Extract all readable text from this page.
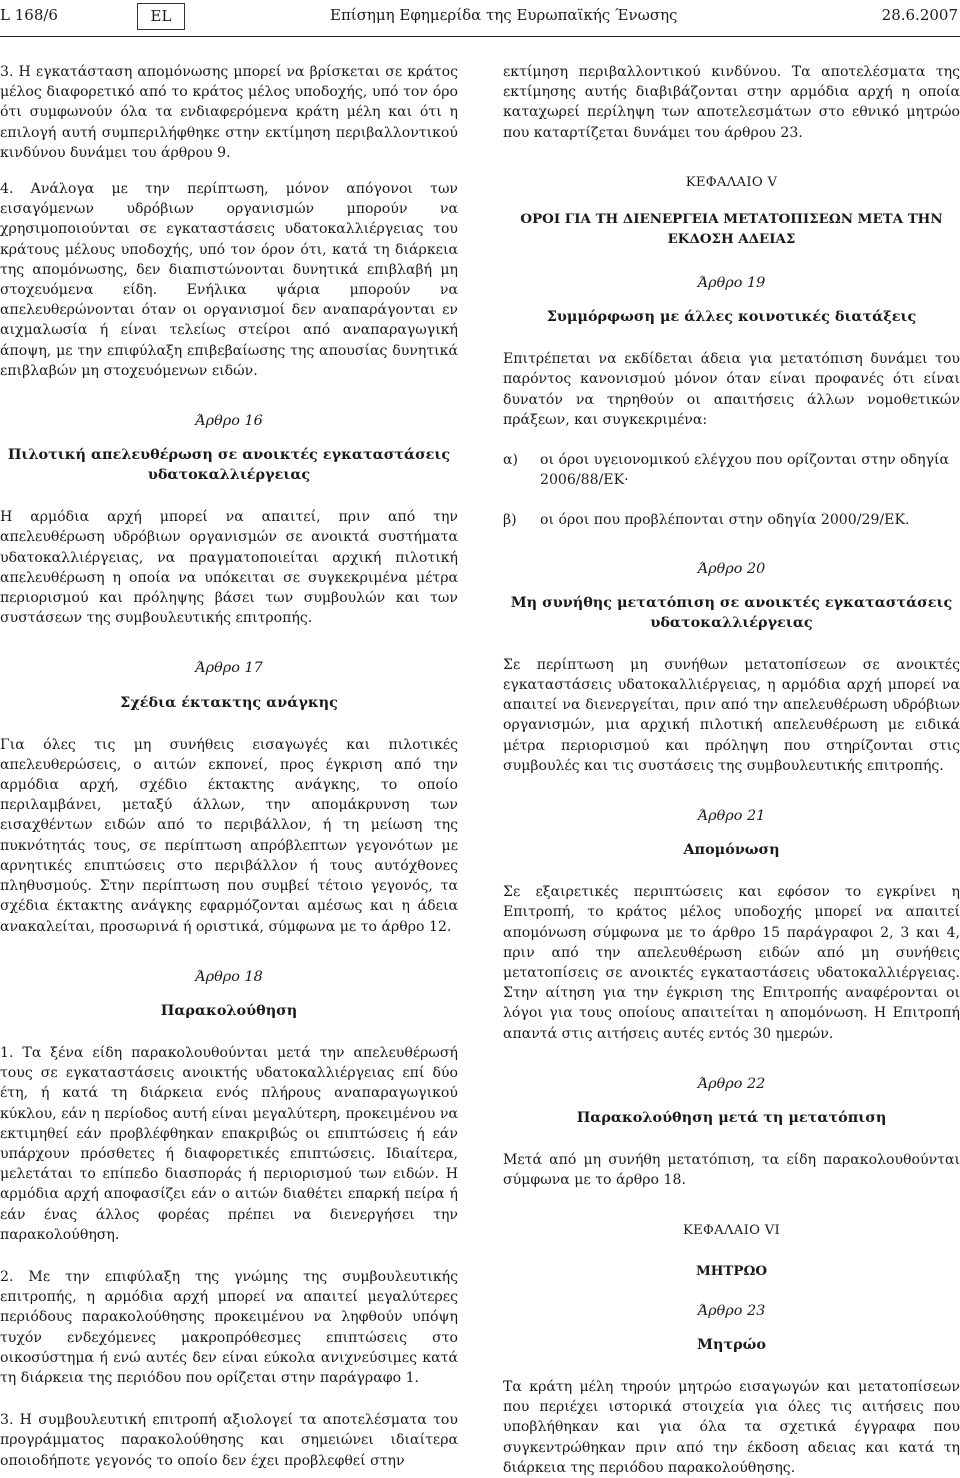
L 168/6	EL	Επίσημη Εφημερίδα της Ευρωπαϊκής Ένωσης	28.6.2007

3. Η εγκατάσταση απομόνωσης μπορεί να βρίσκεται σε κράτος μέλος διαφορετικό από το κράτος μέλος υποδοχής, υπό τον όρο ότι συμφωνούν όλα τα ενδιαφερόμενα κράτη μέλη και ότι η επιλογή αυτή συμπεριλήφθηκε στην εκτίμηση περιβαλλοντικού κινδύνου δυνάμει του άρθρου 9.

4. Ανάλογα με την περίπτωση, μόνον απόγονοι των εισαγόμενων υδρόβιων οργανισμών μπορούν να χρησιμοποιούνται σε εγκαταστάσεις υδατοκαλλιέργειας του κράτους μέλους υποδοχής, υπό τον όρον ότι, κατά τη διάρκεια της απομόνωσης, δεν διαπιστώνονται δυνητικά επιβλαβή μη στοχευόμενα είδη. Ενήλικα ψάρια μπορούν να απελευθερώνονται όταν οι οργανισμοί δεν αναπαράγονται εν αιχμαλωσία ή είναι τελείως στείροι από αναπαραγωγική άποψη, με την επιφύλαξη επιβεβαίωσης της απουσίας δυνητικά επιβλαβών μη στοχευόμενων ειδών.

Άρθρο 16
Πιλοτική απελευθέρωση σε ανοικτές εγκαταστάσεις υδατοκαλλιέργειας

Η αρμόδια αρχή μπορεί να απαιτεί, πριν από την απελευθέρωση υδρόβιων οργανισμών σε ανοικτά συστήματα υδατοκαλλιέργειας, να πραγματοποιείται αρχική πιλοτική απελευθέρωση η οποία να υπόκειται σε συγκεκριμένα μέτρα περιορισμού και πρόληψης βάσει των συμβουλών και των συστάσεων της συμβουλευτικής επιτροπής.

Άρθρο 17
Σχέδια έκτακτης ανάγκης

Για όλες τις μη συνήθεις εισαγωγές και πιλοτικές απελευθερώσεις, ο αιτών εκπονεί, προς έγκριση από την αρμόδια αρχή, σχέδιο έκτακτης ανάγκης, το οποίο περιλαμβάνει, μεταξύ άλλων, την απομάκρυνση των εισαχθέντων ειδών από το περιβάλλον, ή τη μείωση της πυκνότητάς τους, σε περίπτωση απρόβλεπτων γεγονότων με αρνητικές επιπτώσεις στο περιβάλλον ή τους αυτόχθονες πληθυσμούς. Στην περίπτωση που συμβεί τέτοιο γεγονός, τα σχέδια έκτακτης ανάγκης εφαρμόζονται αμέσως και η άδεια ανακαλείται, προσωρινά ή οριστικά, σύμφωνα με το άρθρο 12.

Άρθρο 18
Παρακολούθηση

1. Τα ξένα είδη παρακολουθούνται μετά την απελευθέρωσή τους σε εγκαταστάσεις ανοικτής υδατοκαλλιέργειας επί δύο έτη, ή κατά τη διάρκεια ενός πλήρους αναπαραγωγικού κύκλου, εάν η περίοδος αυτή είναι μεγαλύτερη, προκειμένου να εκτιμηθεί εάν προβλέφθηκαν επακριβώς οι επιπτώσεις ή εάν υπάρχουν πρόσθετες ή διαφορετικές επιπτώσεις. Ιδιαίτερα, μελετάται το επίπεδο διασποράς ή περιορισμού των ειδών. Η αρμόδια αρχή αποφασίζει εάν ο αιτών διαθέτει επαρκή πείρα ή εάν ένας άλλος φορέας πρέπει να διενεργήσει την παρακολούθηση.

2. Με την επιφύλαξη της γνώμης της συμβουλευτικής επιτροπής, η αρμόδια αρχή μπορεί να απαιτεί μεγαλύτερες περιόδους παρακολούθησης προκειμένου να ληφθούν υπόψη τυχόν ενδεχόμενες μακροπρόθεσμες επιπτώσεις στο οικοσύστημα ή ενώ αυτές δεν είναι εύκολα ανιχνεύσιμες κατά τη διάρκεια της περιόδου που ορίζεται στην παράγραφο 1.

3. Η συμβουλευτική επιτροπή αξιολογεί τα αποτελέσματα του προγράμματος παρακολούθησης και σημειώνει ιδιαίτερα οποιοδήποτε γεγονός το οποίο δεν έχει προβλεφθεί στην

εκτίμηση περιβαλλοντικού κινδύνου. Τα αποτελέσματα της εκτίμησης αυτής διαβιβάζονται στην αρμόδια αρχή η οποία καταχωρεί περίληψη των αποτελεσμάτων στο εθνικό μητρώο που καταρτίζεται δυνάμει του άρθρου 23.

ΚΕΦΑΛΑΙΟ V
ΟΡΟΙ ΓΙΑ ΤΗ ΔΙΕΝΕΡΓΕΙΑ ΜΕΤΑΤΟΠΙΣΕΩΝ ΜΕΤΑ ΤΗΝ ΕΚΔΟΣΗ ΑΔΕΙΑΣ
Άρθρο 19
Συμμόρφωση με άλλες κοινοτικές διατάξεις

Επιτρέπεται να εκδίδεται άδεια για μετατόπιση δυνάμει του παρόντος κανονισμού μόνον όταν είναι προφανές ότι είναι δυνατόν να τηρηθούν οι απαιτήσεις άλλων νομοθετικών πράξεων, και συγκεκριμένα:

α)	οι όροι υγειονομικού ελέγχου που ορίζονται στην οδηγία 2006/88/ΕΚ·
β)	οι όροι που προβλέπονται στην οδηγία 2000/29/ΕΚ.
Άρθρο 20
Μη συνήθης μετατόπιση σε ανοικτές εγκαταστάσεις υδατοκαλλιέργειας

Σε περίπτωση μη συνήθων μετατοπίσεων σε ανοικτές εγκαταστάσεις υδατοκαλλιέργειας, η αρμόδια αρχή μπορεί να απαιτεί να διενεργείται, πριν από την απελευθέρωση υδρόβιων οργανισμών, μια αρχική πιλοτική απελευθέρωση με ειδικά μέτρα περιορισμού και πρόληψη που στηρίζονται στις συμβουλές και τις συστάσεις της συμβουλευτικής επιτροπής.

Άρθρο 21
Απομόνωση

Σε εξαιρετικές περιπτώσεις και εφόσον το εγκρίνει η Επιτροπή, το κράτος μέλος υποδοχής μπορεί να απαιτεί απομόνωση σύμφωνα με το άρθρο 15 παράγραφοι 2, 3 και 4, πριν από την απελευθέρωση ειδών από μη συνήθεις μετατοπίσεις σε ανοικτές εγκαταστάσεις υδατοκαλλιέργειας. Στην αίτηση για την έγκριση της Επιτροπής αναφέρονται οι λόγοι για τους οποίους απαιτείται η απομόνωση. Η Επιτροπή απαντά στις αιτήσεις αυτές εντός 30 ημερών.

Άρθρο 22
Παρακολούθηση μετά τη μετατόπιση

Μετά από μη συνήθη μετατόπιση, τα είδη παρακολουθούνται σύμφωνα με το άρθρο 18.

ΚΕΦΑΛΑΙΟ VI
ΜΗΤΡΩΟ
Άρθρο 23
Μητρώο

Τα κράτη μέλη τηρούν μητρώο εισαγωγών και μετατοπίσεων που περιέχει ιστορικά στοιχεία για όλες τις αιτήσεις που υποβλήθηκαν και για όλα τα σχετικά έγγραφα που συγκεντρώθηκαν πριν από την έκδοση αδειας και κατά τη διάρκεια της περιόδου παρακολούθησης.
